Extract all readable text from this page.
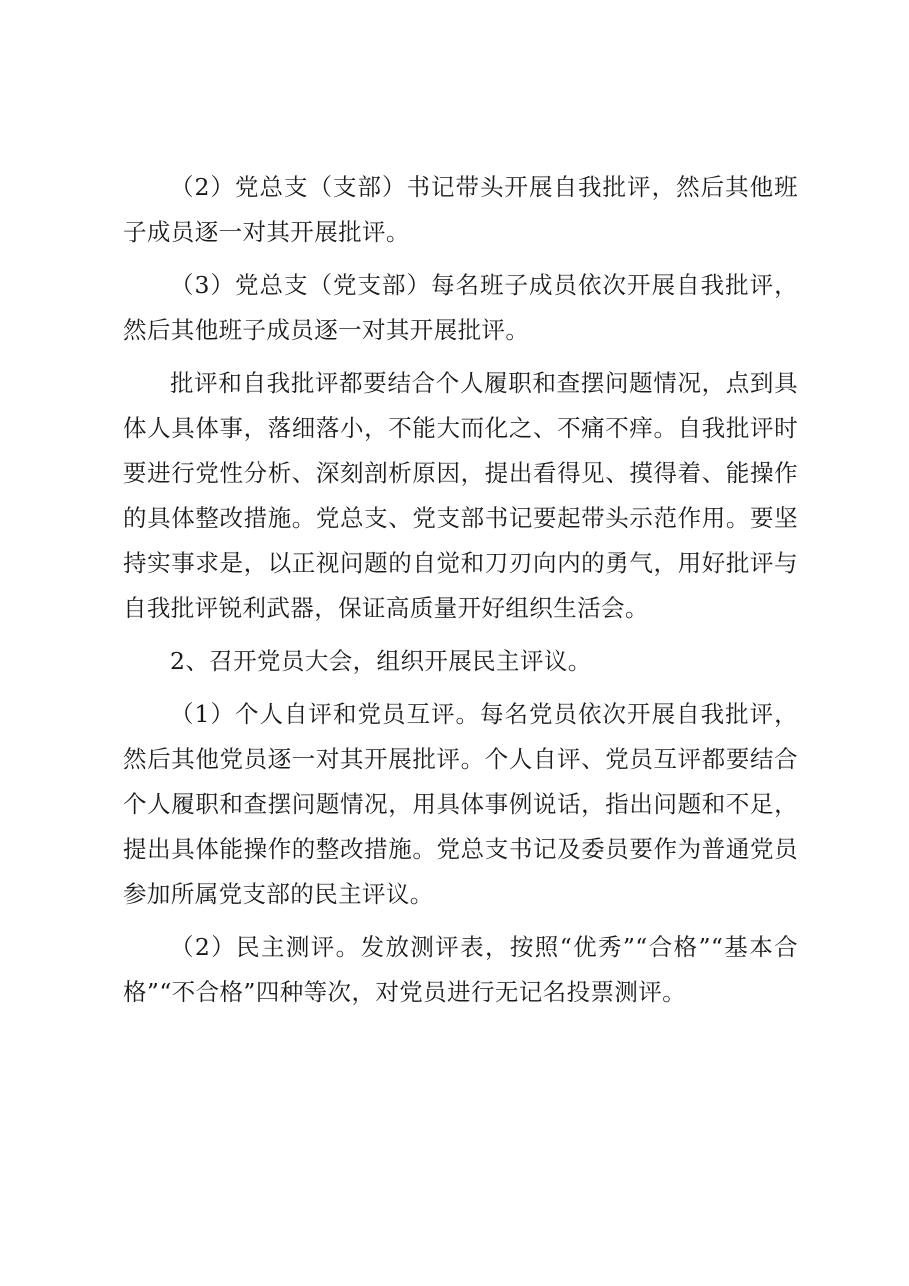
（2）党总支（支部）书记带头开展自我批评，然后其他班子成员逐一对其开展批评。

（3）党总支（党支部）每名班子成员依次开展自我批评，然后其他班子成员逐一对其开展批评。

批评和自我批评都要结合个人履职和查摆问题情况，点到具体人具体事，落细落小，不能大而化之、不痛不痒。自我批评时要进行党性分析、深刻剖析原因，提出看得见、摸得着、能操作的具体整改措施。党总支、党支部书记要起带头示范作用。要坚持实事求是，以正视问题的自觉和刀刃向内的勇气，用好批评与自我批评锐利武器，保证高质量开好组织生活会。

2、召开党员大会，组织开展民主评议。

（1）个人自评和党员互评。每名党员依次开展自我批评，然后其他党员逐一对其开展批评。个人自评、党员互评都要结合个人履职和查摆问题情况，用具体事例说话，指出问题和不足，提出具体能操作的整改措施。党总支书记及委员要作为普通党员参加所属党支部的民主评议。

（2）民主测评。发放测评表，按照“优秀”“合格”“基本合格”“不合格”四种等次，对党员进行无记名投票测评。
